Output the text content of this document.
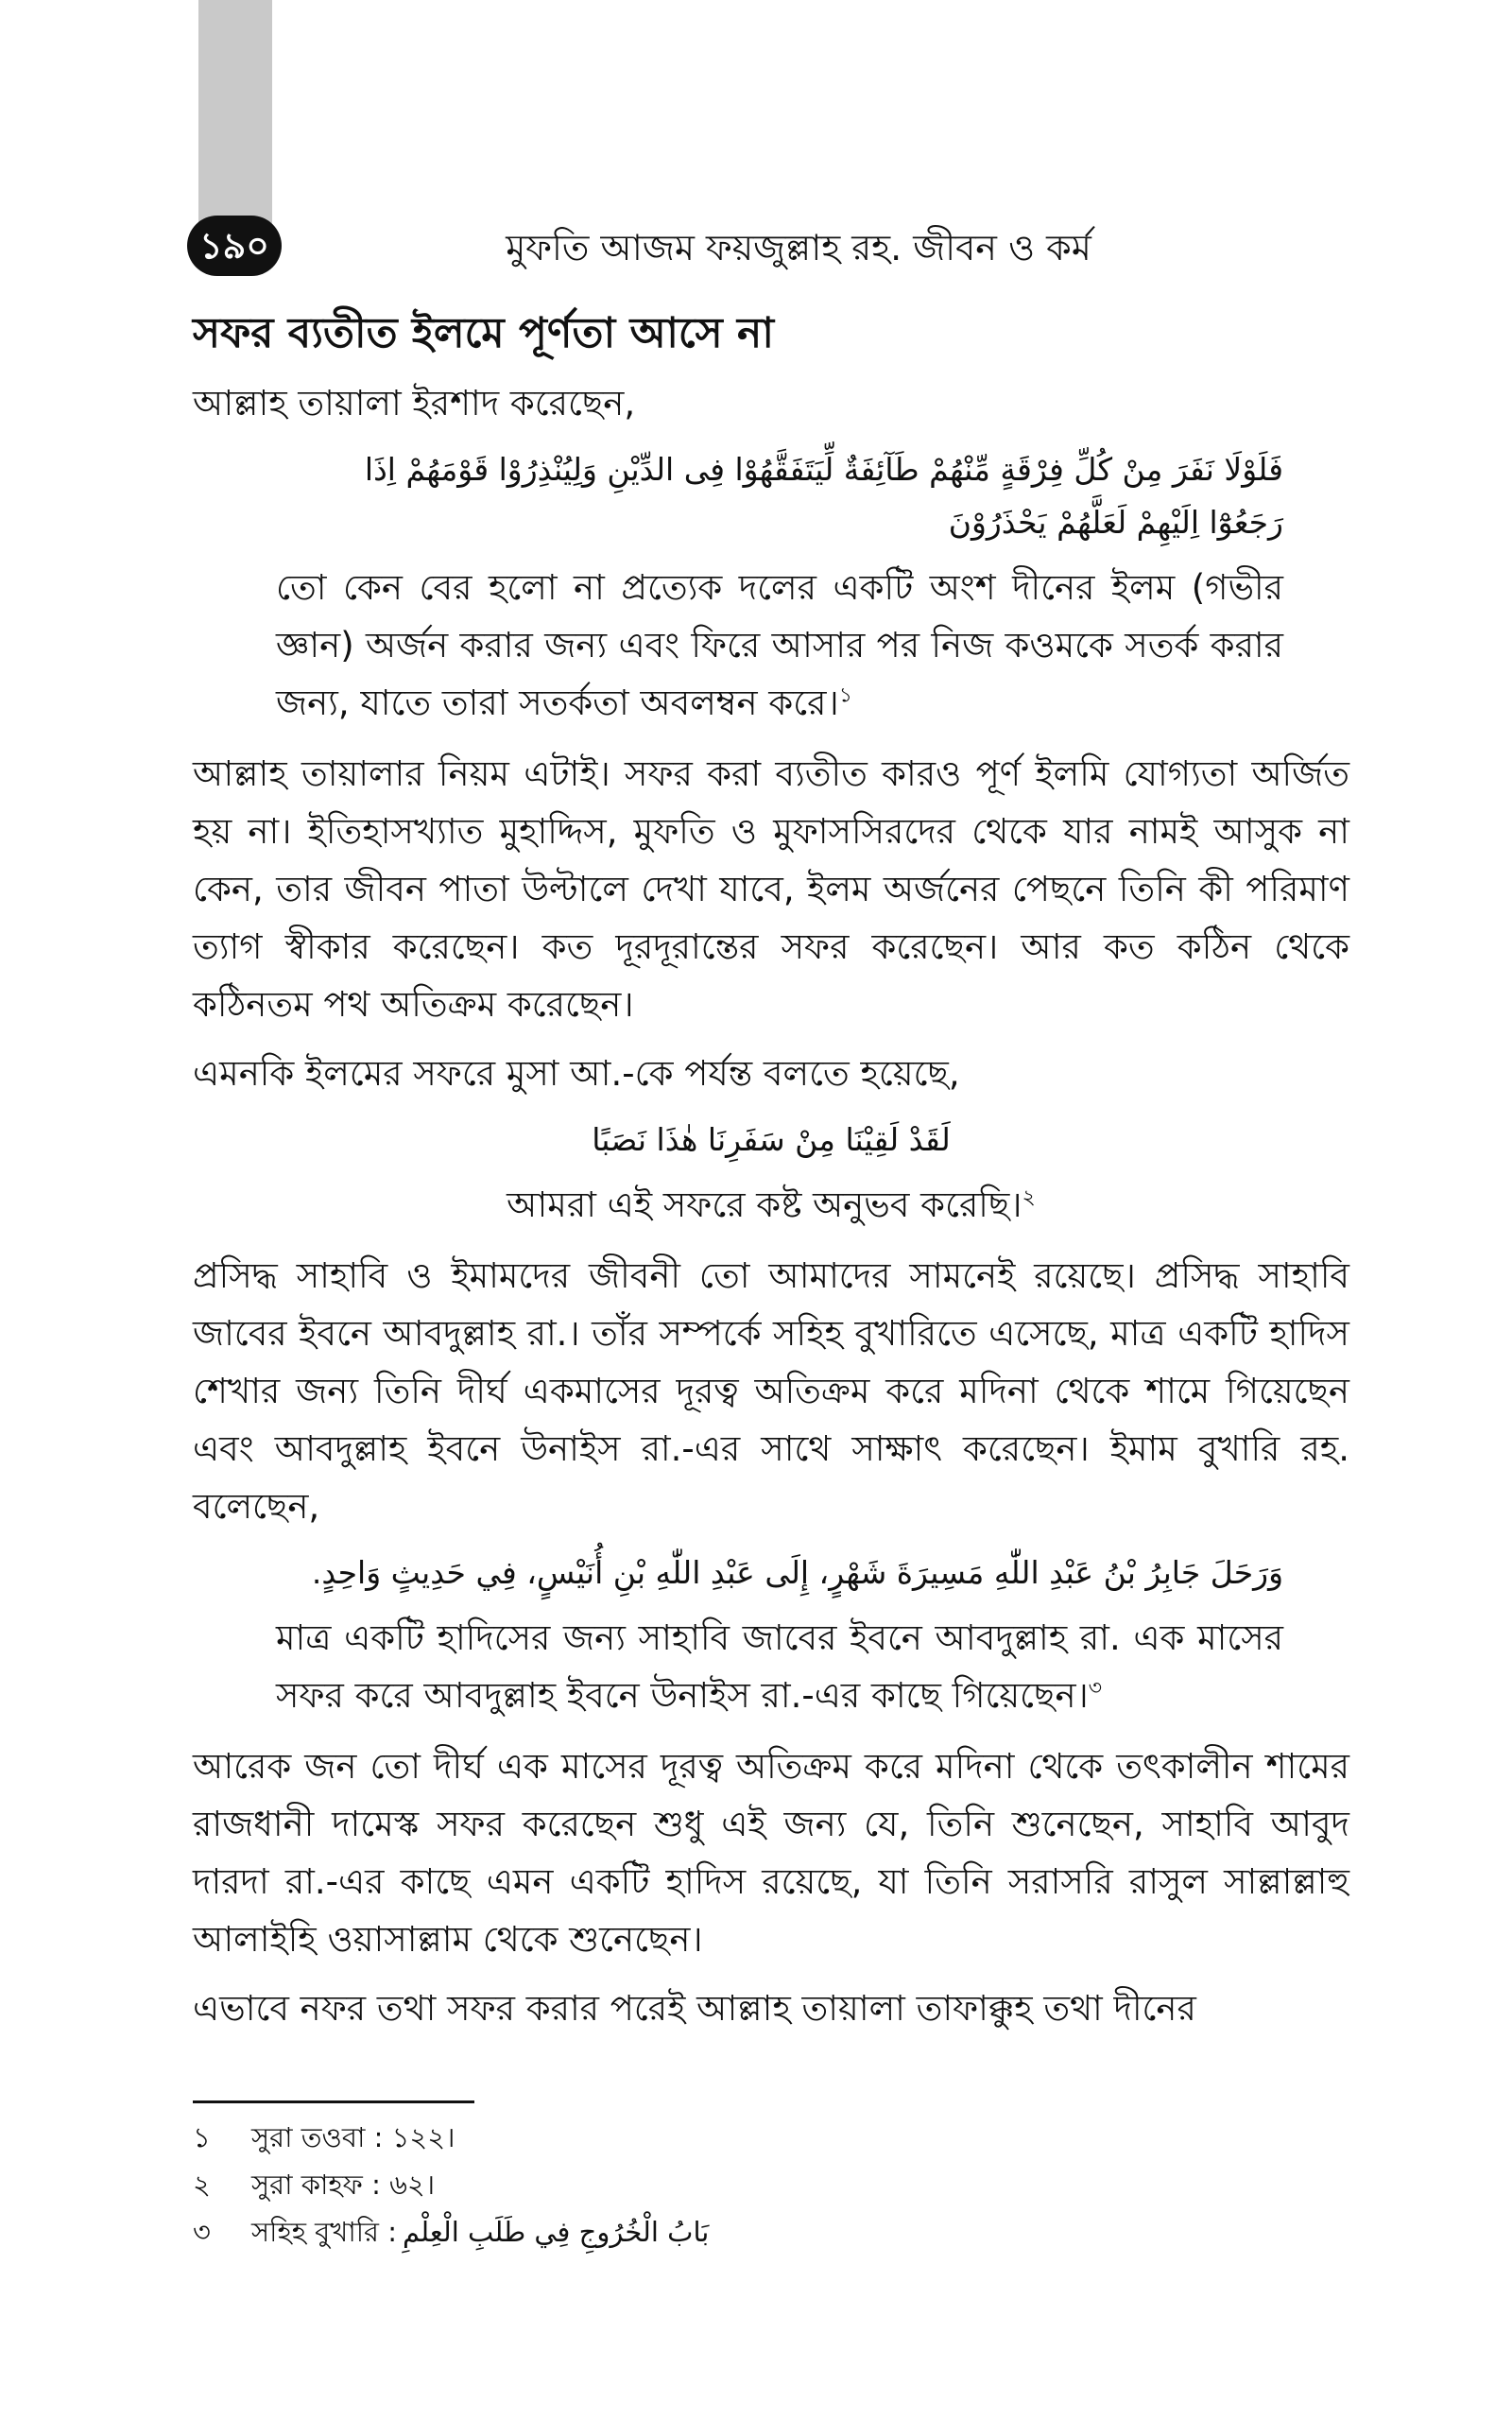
১৯০	মুফতি আজম ফয়জুল্লাহ রহ. জীবন ও কর্ম
সফর ব্যতীত ইলমে পূর্ণতা আসে না

আল্লাহ তায়ালা ইরশাদ করেছেন,

فَلَوْلَا نَفَرَ مِنْ كُلِّ فِرْقَةٍ مِّنْهُمْ طَآئِفَةٌ لِّيَتَفَقَّهُوْا فِى الدِّيْنِ وَلِيُنْذِرُوْا قَوْمَهُمْ اِذَا
رَجَعُوْٓا اِلَيْهِمْ لَعَلَّهُمْ يَحْذَرُوْنَ

তো কেন বের হলো না প্রত্যেক দলের একটি অংশ দীনের ইলম (গভীর জ্ঞান) অর্জন করার জন্য এবং ফিরে আসার পর নিজ কওমকে সতর্ক করার জন্য, যাতে তারা সতর্কতা অবলম্বন করে।$^১$

আল্লাহ তায়ালার নিয়ম এটাই। সফর করা ব্যতীত কারও পূর্ণ ইলমি যোগ্যতা অর্জিত হয় না। ইতিহাসখ্যাত মুহাদ্দিস, মুফতি ও মুফাসসিরদের থেকে যার নামই আসুক না কেন, তার জীবন পাতা উল্টালে দেখা যাবে, ইলম অর্জনের পেছনে তিনি কী পরিমাণ ত্যাগ স্বীকার করেছেন। কত দূরদূরান্তের সফর করেছেন। আর কত কঠিন থেকে কঠিনতম পথ অতিক্রম করেছেন।

এমনকি ইলমের সফরে মুসা আ.-কে পর্যন্ত বলতে হয়েছে,

لَقَدْ لَقِيْنَا مِنْ سَفَرِنَا هٰذَا نَصَبًا

আমরা এই সফরে কষ্ট অনুভব করেছি।$^২$

প্রসিদ্ধ সাহাবি ও ইমামদের জীবনী তো আমাদের সামনেই রয়েছে। প্রসিদ্ধ সাহাবি জাবের ইবনে আবদুল্লাহ রা.। তাঁর সম্পর্কে সহিহ বুখারিতে এসেছে, মাত্র একটি হাদিস শেখার জন্য তিনি দীর্ঘ একমাসের দূরত্ব অতিক্রম করে মদিনা থেকে শামে গিয়েছেন এবং আবদুল্লাহ ইবনে উনাইস রা.-এর সাথে সাক্ষাৎ করেছেন। ইমাম বুখারি রহ. বলেছেন,

وَرَحَلَ جَابِرُ بْنُ عَبْدِ اللّٰهِ مَسِيرَةَ شَهْرٍ، إِلَى عَبْدِ اللّٰهِ بْنِ أُنَيْسٍ، فِي حَدِيثٍ وَاحِدٍ.

মাত্র একটি হাদিসের জন্য সাহাবি জাবের ইবনে আবদুল্লাহ রা. এক মাসের সফর করে আবদুল্লাহ ইবনে উনাইস রা.-এর কাছে গিয়েছেন।$^৩$

আরেক জন তো দীর্ঘ এক মাসের দূরত্ব অতিক্রম করে মদিনা থেকে তৎকালীন শামের রাজধানী দামেস্ক সফর করেছেন শুধু এই জন্য যে, তিনি শুনেছেন, সাহাবি আবুদ দারদা রা.-এর কাছে এমন একটি হাদিস রয়েছে, যা তিনি সরাসরি রাসুল সাল্লাল্লাহু আলাইহি ওয়াসাল্লাম থেকে শুনেছেন।

এভাবে নফর তথা সফর করার পরেই আল্লাহ তায়ালা তাফাক্কুহ তথা দীনের

১	সুরা তওবা : ১২২।
২	সুরা কাহফ : ৬২।
৩	সহিহ বুখারি : بَابُ الْخُرُوجِ فِي طَلَبِ الْعِلْمِ
